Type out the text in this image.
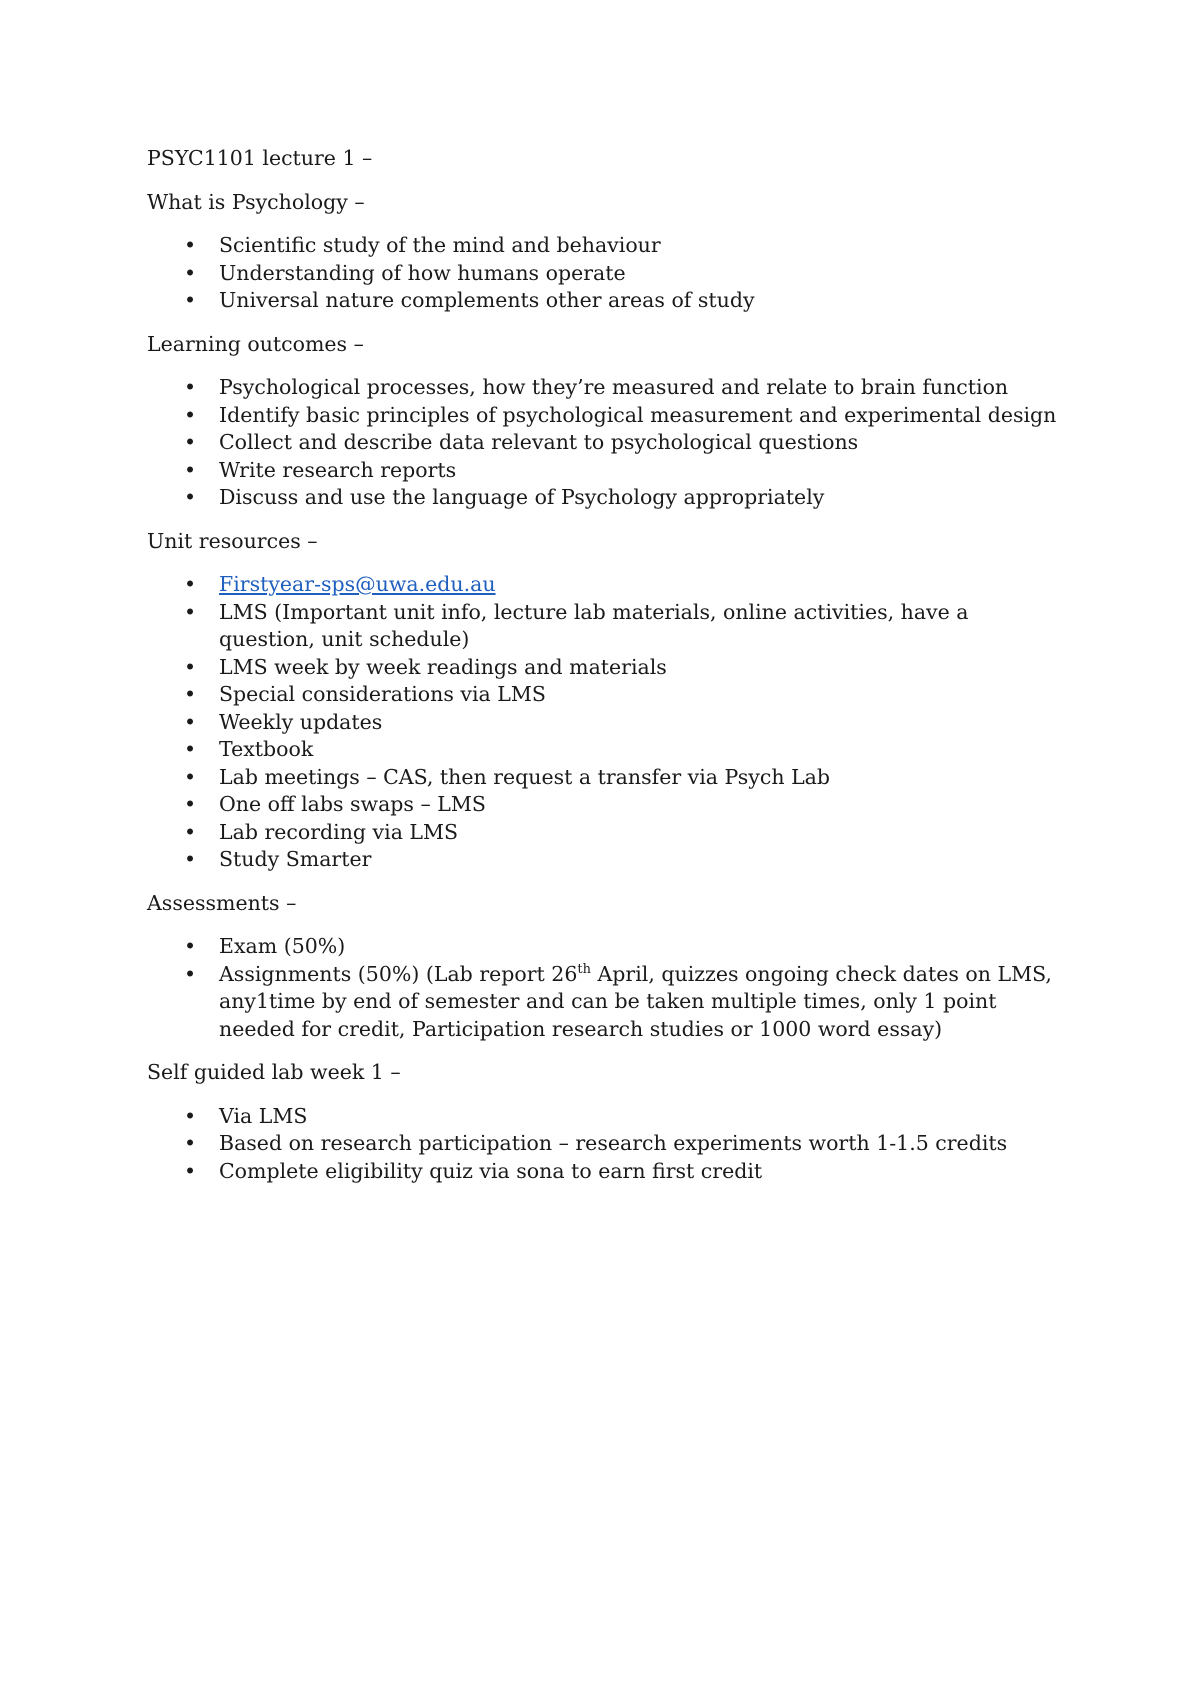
PSYC1101 lecture 1 –
What is Psychology –
• Scientific study of the mind and behaviour
• Understanding of how humans operate
• Universal nature complements other areas of study
Learning outcomes –
• Psychological processes, how they’re measured and relate to brain function
• Identify basic principles of psychological measurement and experimental design
• Collect and describe data relevant to psychological questions
• Write research reports
• Discuss and use the language of Psychology appropriately
Unit resources –
• Firstyear-sps@uwa.edu.au
• LMS (Important unit info, lecture lab materials, online activities, have a question, unit schedule)
• LMS week by week readings and materials
• Special considerations via LMS
• Weekly updates
• Textbook
• Lab meetings – CAS, then request a transfer via Psych Lab
• One off labs swaps – LMS
• Lab recording via LMS
• Study Smarter
Assessments –
• Exam (50%)
• Assignments (50%) (Lab report 26th April, quizzes ongoing check dates on LMS, any1time by end of semester and can be taken multiple times, only 1 point needed for credit, Participation research studies or 1000 word essay)
Self guided lab week 1 –
• Via LMS
• Based on research participation – research experiments worth 1-1.5 credits
• Complete eligibility quiz via sona to earn first credit
